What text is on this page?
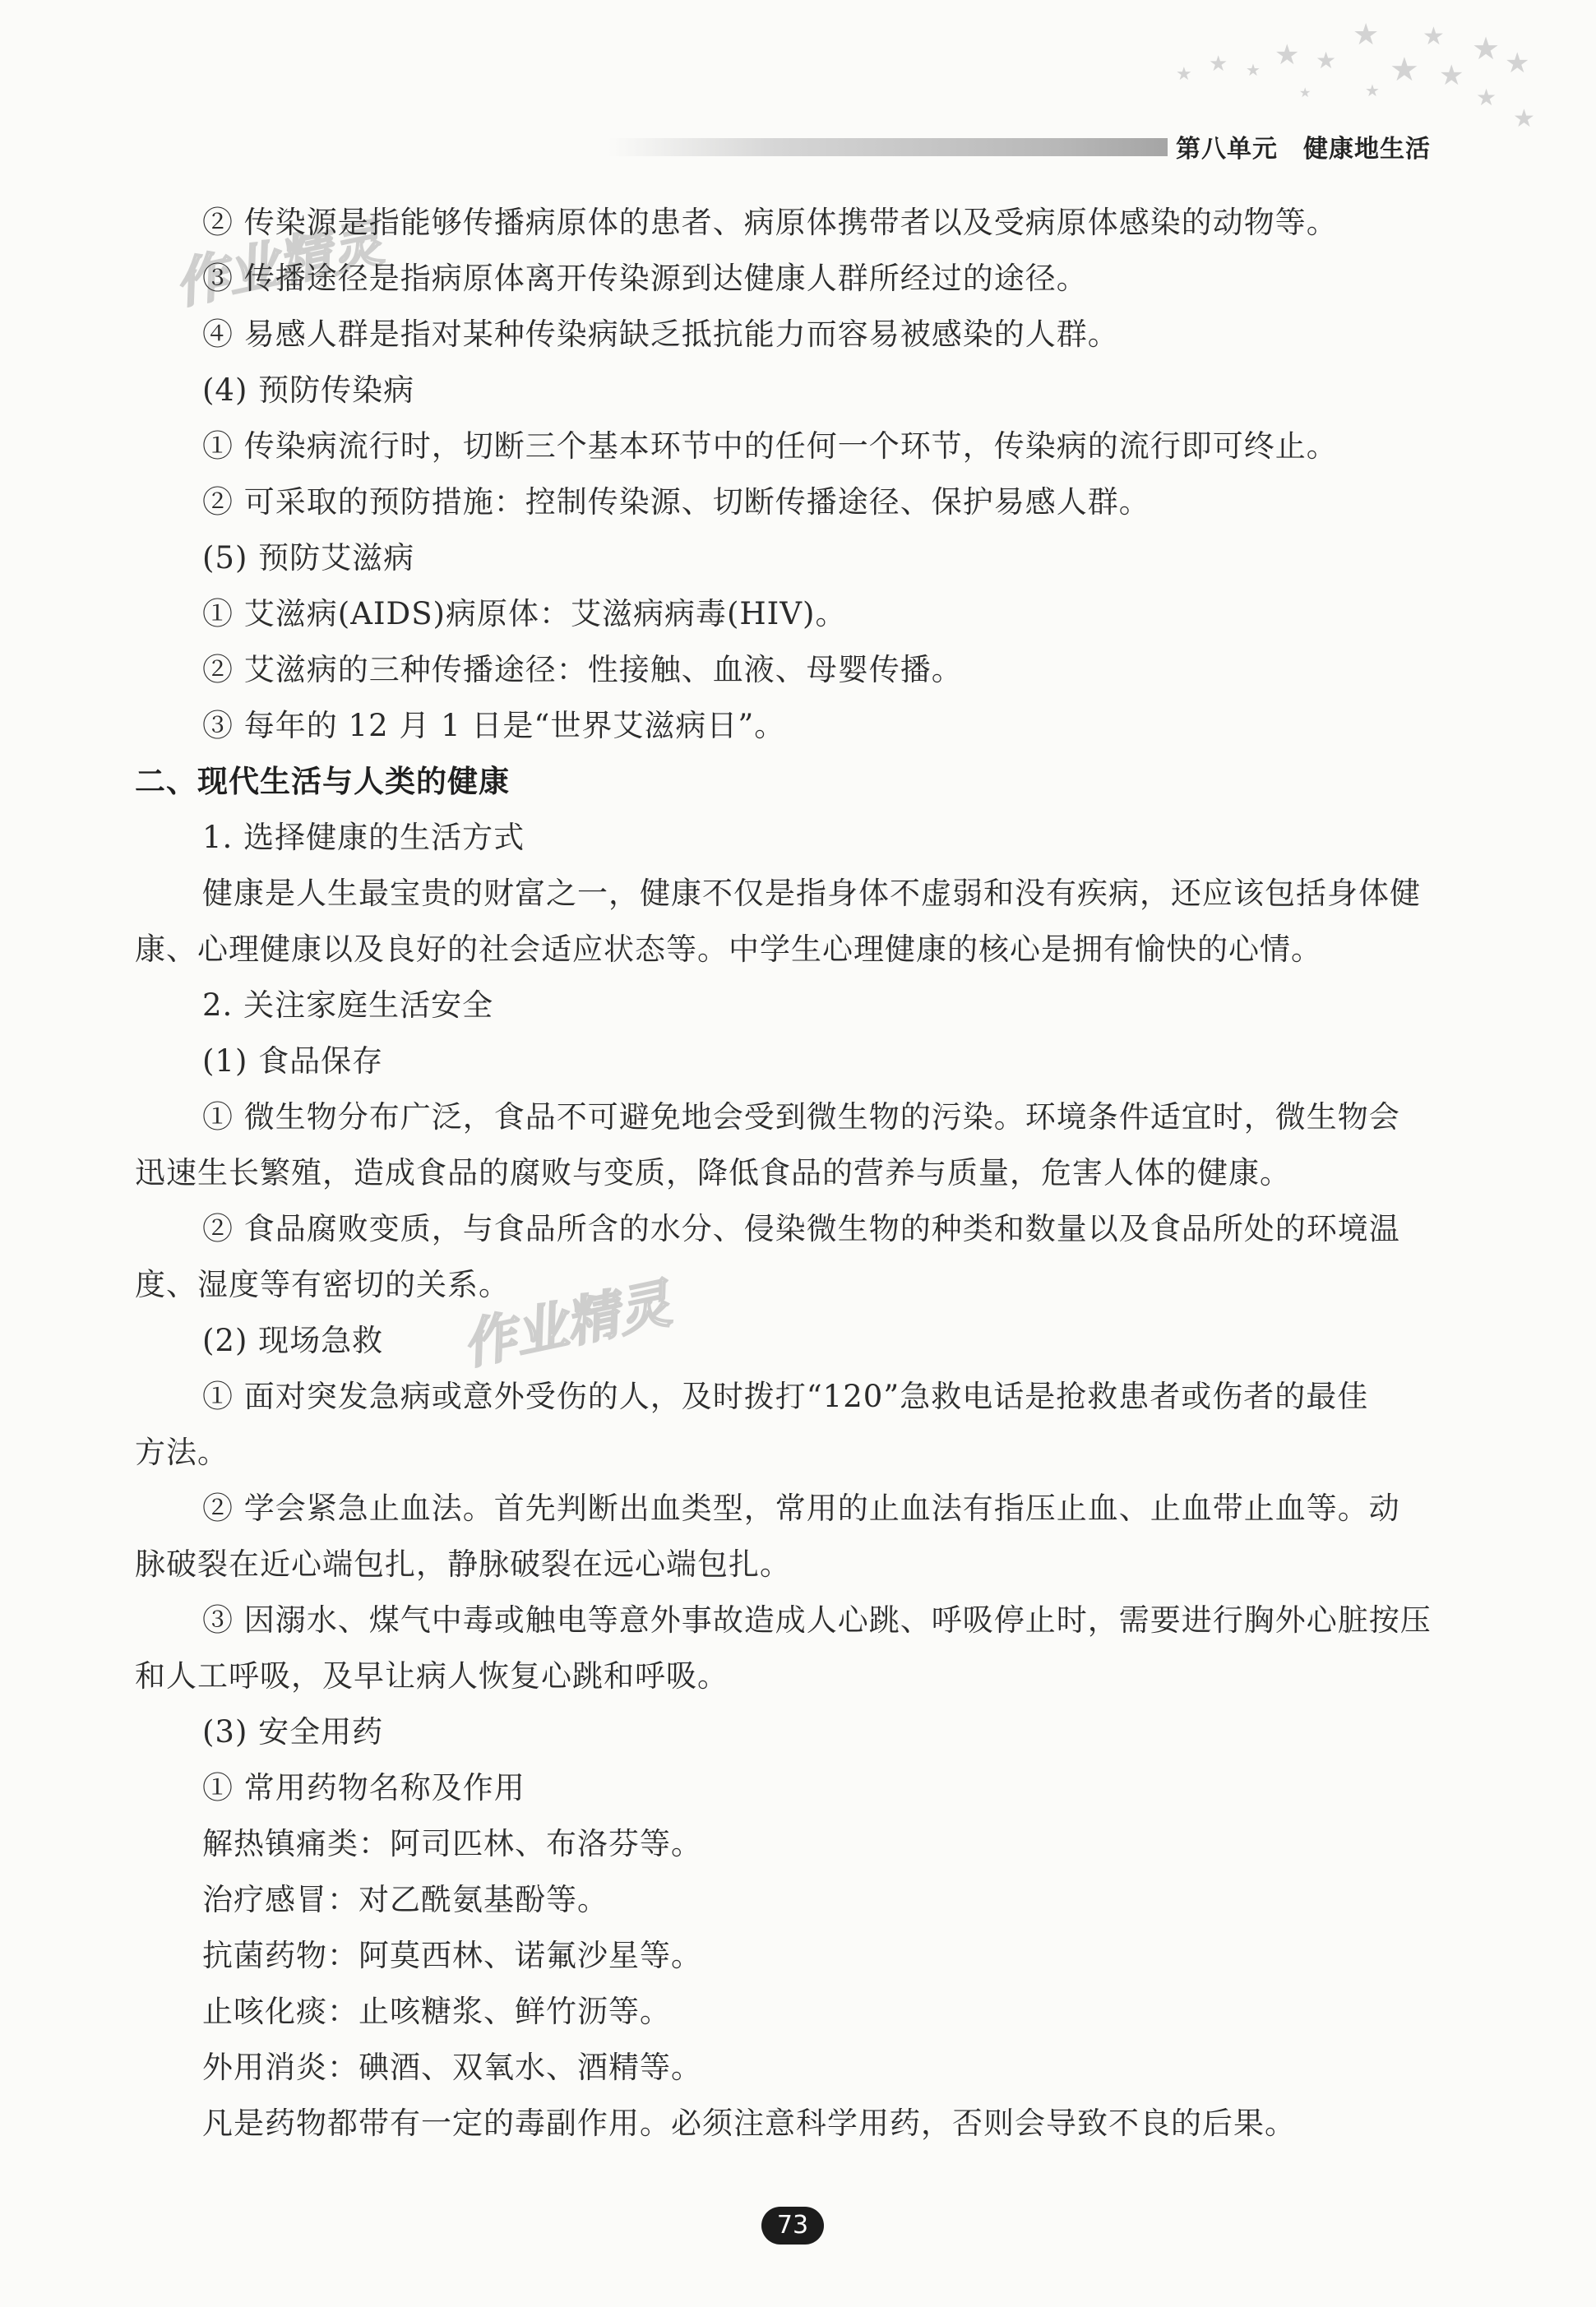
★ ★ ★ ★ ★
★
★
★
★
★
★
★
★
★
★
第八单元　健康地生活
作业精灵
作业精灵
② 传染源是指能够传播病原体的患者、病原体携带者以及受病原体感染的动物等。
③ 传播途径是指病原体离开传染源到达健康人群所经过的途径。
④ 易感人群是指对某种传染病缺乏抵抗能力而容易被感染的人群。
(4) 预防传染病
① 传染病流行时，切断三个基本环节中的任何一个环节，传染病的流行即可终止。
② 可采取的预防措施：控制传染源、切断传播途径、保护易感人群。
(5) 预防艾滋病
① 艾滋病(AIDS)病原体：艾滋病病毒(HIV)。
② 艾滋病的三种传播途径：性接触、血液、母婴传播。
③ 每年的 12 月 1 日是“世界艾滋病日”。
二、现代生活与人类的健康
1. 选择健康的生活方式
健康是人生最宝贵的财富之一，健康不仅是指身体不虚弱和没有疾病，还应该包括身体健
康、心理健康以及良好的社会适应状态等。中学生心理健康的核心是拥有愉快的心情。
2. 关注家庭生活安全
(1) 食品保存
① 微生物分布广泛，食品不可避免地会受到微生物的污染。环境条件适宜时，微生物会
迅速生长繁殖，造成食品的腐败与变质，降低食品的营养与质量，危害人体的健康。
② 食品腐败变质，与食品所含的水分、侵染微生物的种类和数量以及食品所处的环境温
度、湿度等有密切的关系。
(2) 现场急救
① 面对突发急病或意外受伤的人，及时拨打“120”急救电话是抢救患者或伤者的最佳
方法。
② 学会紧急止血法。首先判断出血类型，常用的止血法有指压止血、止血带止血等。动
脉破裂在近心端包扎，静脉破裂在远心端包扎。
③ 因溺水、煤气中毒或触电等意外事故造成人心跳、呼吸停止时，需要进行胸外心脏按压
和人工呼吸，及早让病人恢复心跳和呼吸。
(3) 安全用药
① 常用药物名称及作用
解热镇痛类：阿司匹林、布洛芬等。
治疗感冒：对乙酰氨基酚等。
抗菌药物：阿莫西林、诺氟沙星等。
止咳化痰：止咳糖浆、鲜竹沥等。
外用消炎：碘酒、双氧水、酒精等。
凡是药物都带有一定的毒副作用。必须注意科学用药，否则会导致不良的后果。
73
